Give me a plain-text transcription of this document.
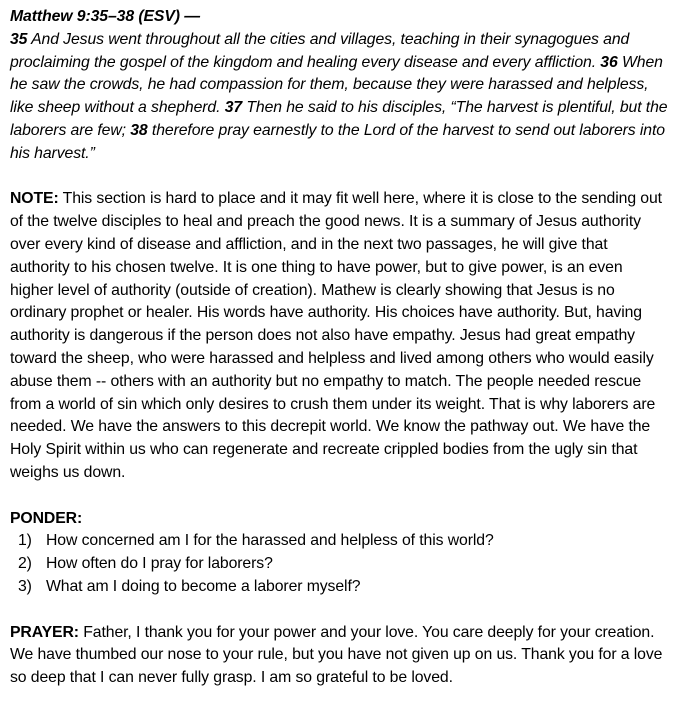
Matthew 9:35–38 (ESV) —
35 And Jesus went throughout all the cities and villages, teaching in their synagogues and proclaiming the gospel of the kingdom and healing every disease and every affliction. 36 When he saw the crowds, he had compassion for them, because they were harassed and helpless, like sheep without a shepherd. 37 Then he said to his disciples, “The harvest is plentiful, but the laborers are few; 38 therefore pray earnestly to the Lord of the harvest to send out laborers into his harvest.”

NOTE: This section is hard to place and it may fit well here, where it is close to the sending out of the twelve disciples to heal and preach the good news. It is a summary of Jesus authority over every kind of disease and affliction, and in the next two passages, he will give that authority to his chosen twelve. It is one thing to have power, but to give power, is an even higher level of authority (outside of creation). Mathew is clearly showing that Jesus is no ordinary prophet or healer. His words have authority. His choices have authority. But, having authority is dangerous if the person does not also have empathy. Jesus had great empathy toward the sheep, who were harassed and helpless and lived among others who would easily abuse them -- others with an authority but no empathy to match. The people needed rescue from a world of sin which only desires to crush them under its weight. That is why laborers are needed. We have the answers to this decrepit world. We know the pathway out. We have the Holy Spirit within us who can regenerate and recreate crippled bodies from the ugly sin that weighs us down.

PONDER:

1) How concerned am I for the harassed and helpless of this world?
2) How often do I pray for laborers?
3) What am I doing to become a laborer myself?

PRAYER: Father, I thank you for your power and your love. You care deeply for your creation. We have thumbed our nose to your rule, but you have not given up on us. Thank you for a love so deep that I can never fully grasp. I am so grateful to be loved.
